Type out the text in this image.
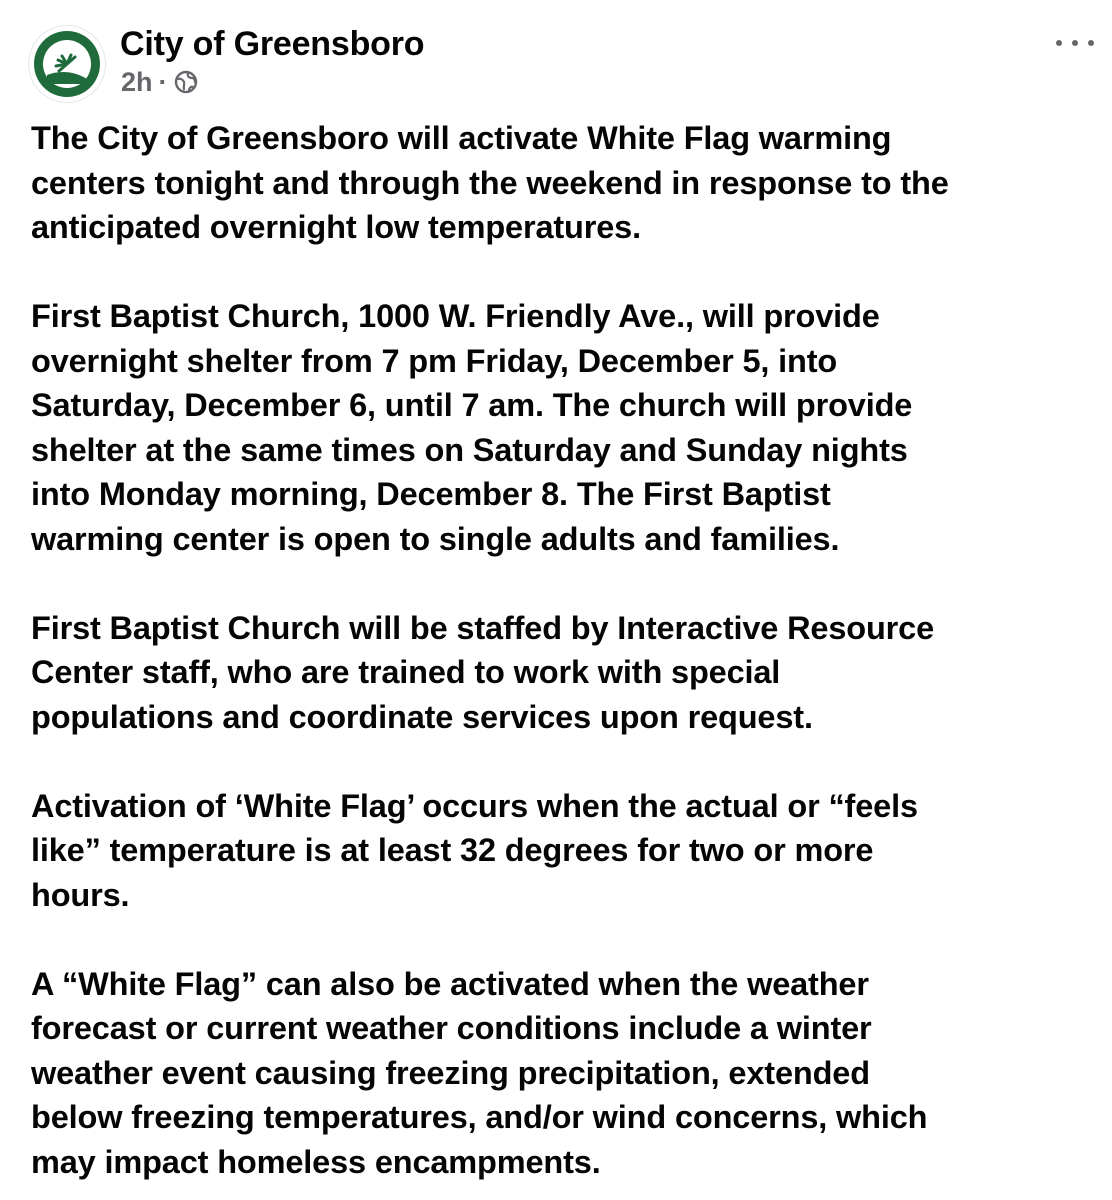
City of Greensboro
2h ·

The City of Greensboro will activate White Flag warming
centers tonight and through the weekend in response to the
anticipated overnight low temperatures.

First Baptist Church, 1000 W. Friendly Ave., will provide
overnight shelter from 7 pm Friday, December 5, into
Saturday, December 6, until 7 am. The church will provide
shelter at the same times on Saturday and Sunday nights
into Monday morning, December 8. The First Baptist
warming center is open to single adults and families.

First Baptist Church will be staffed by Interactive Resource
Center staff, who are trained to work with special
populations and coordinate services upon request.

Activation of ‘White Flag’ occurs when the actual or “feels
like” temperature is at least 32 degrees for two or more
hours.

A “White Flag” can also be activated when the weather
forecast or current weather conditions include a winter
weather event causing freezing precipitation, extended
below freezing temperatures, and/or wind concerns, which
may impact homeless encampments.
